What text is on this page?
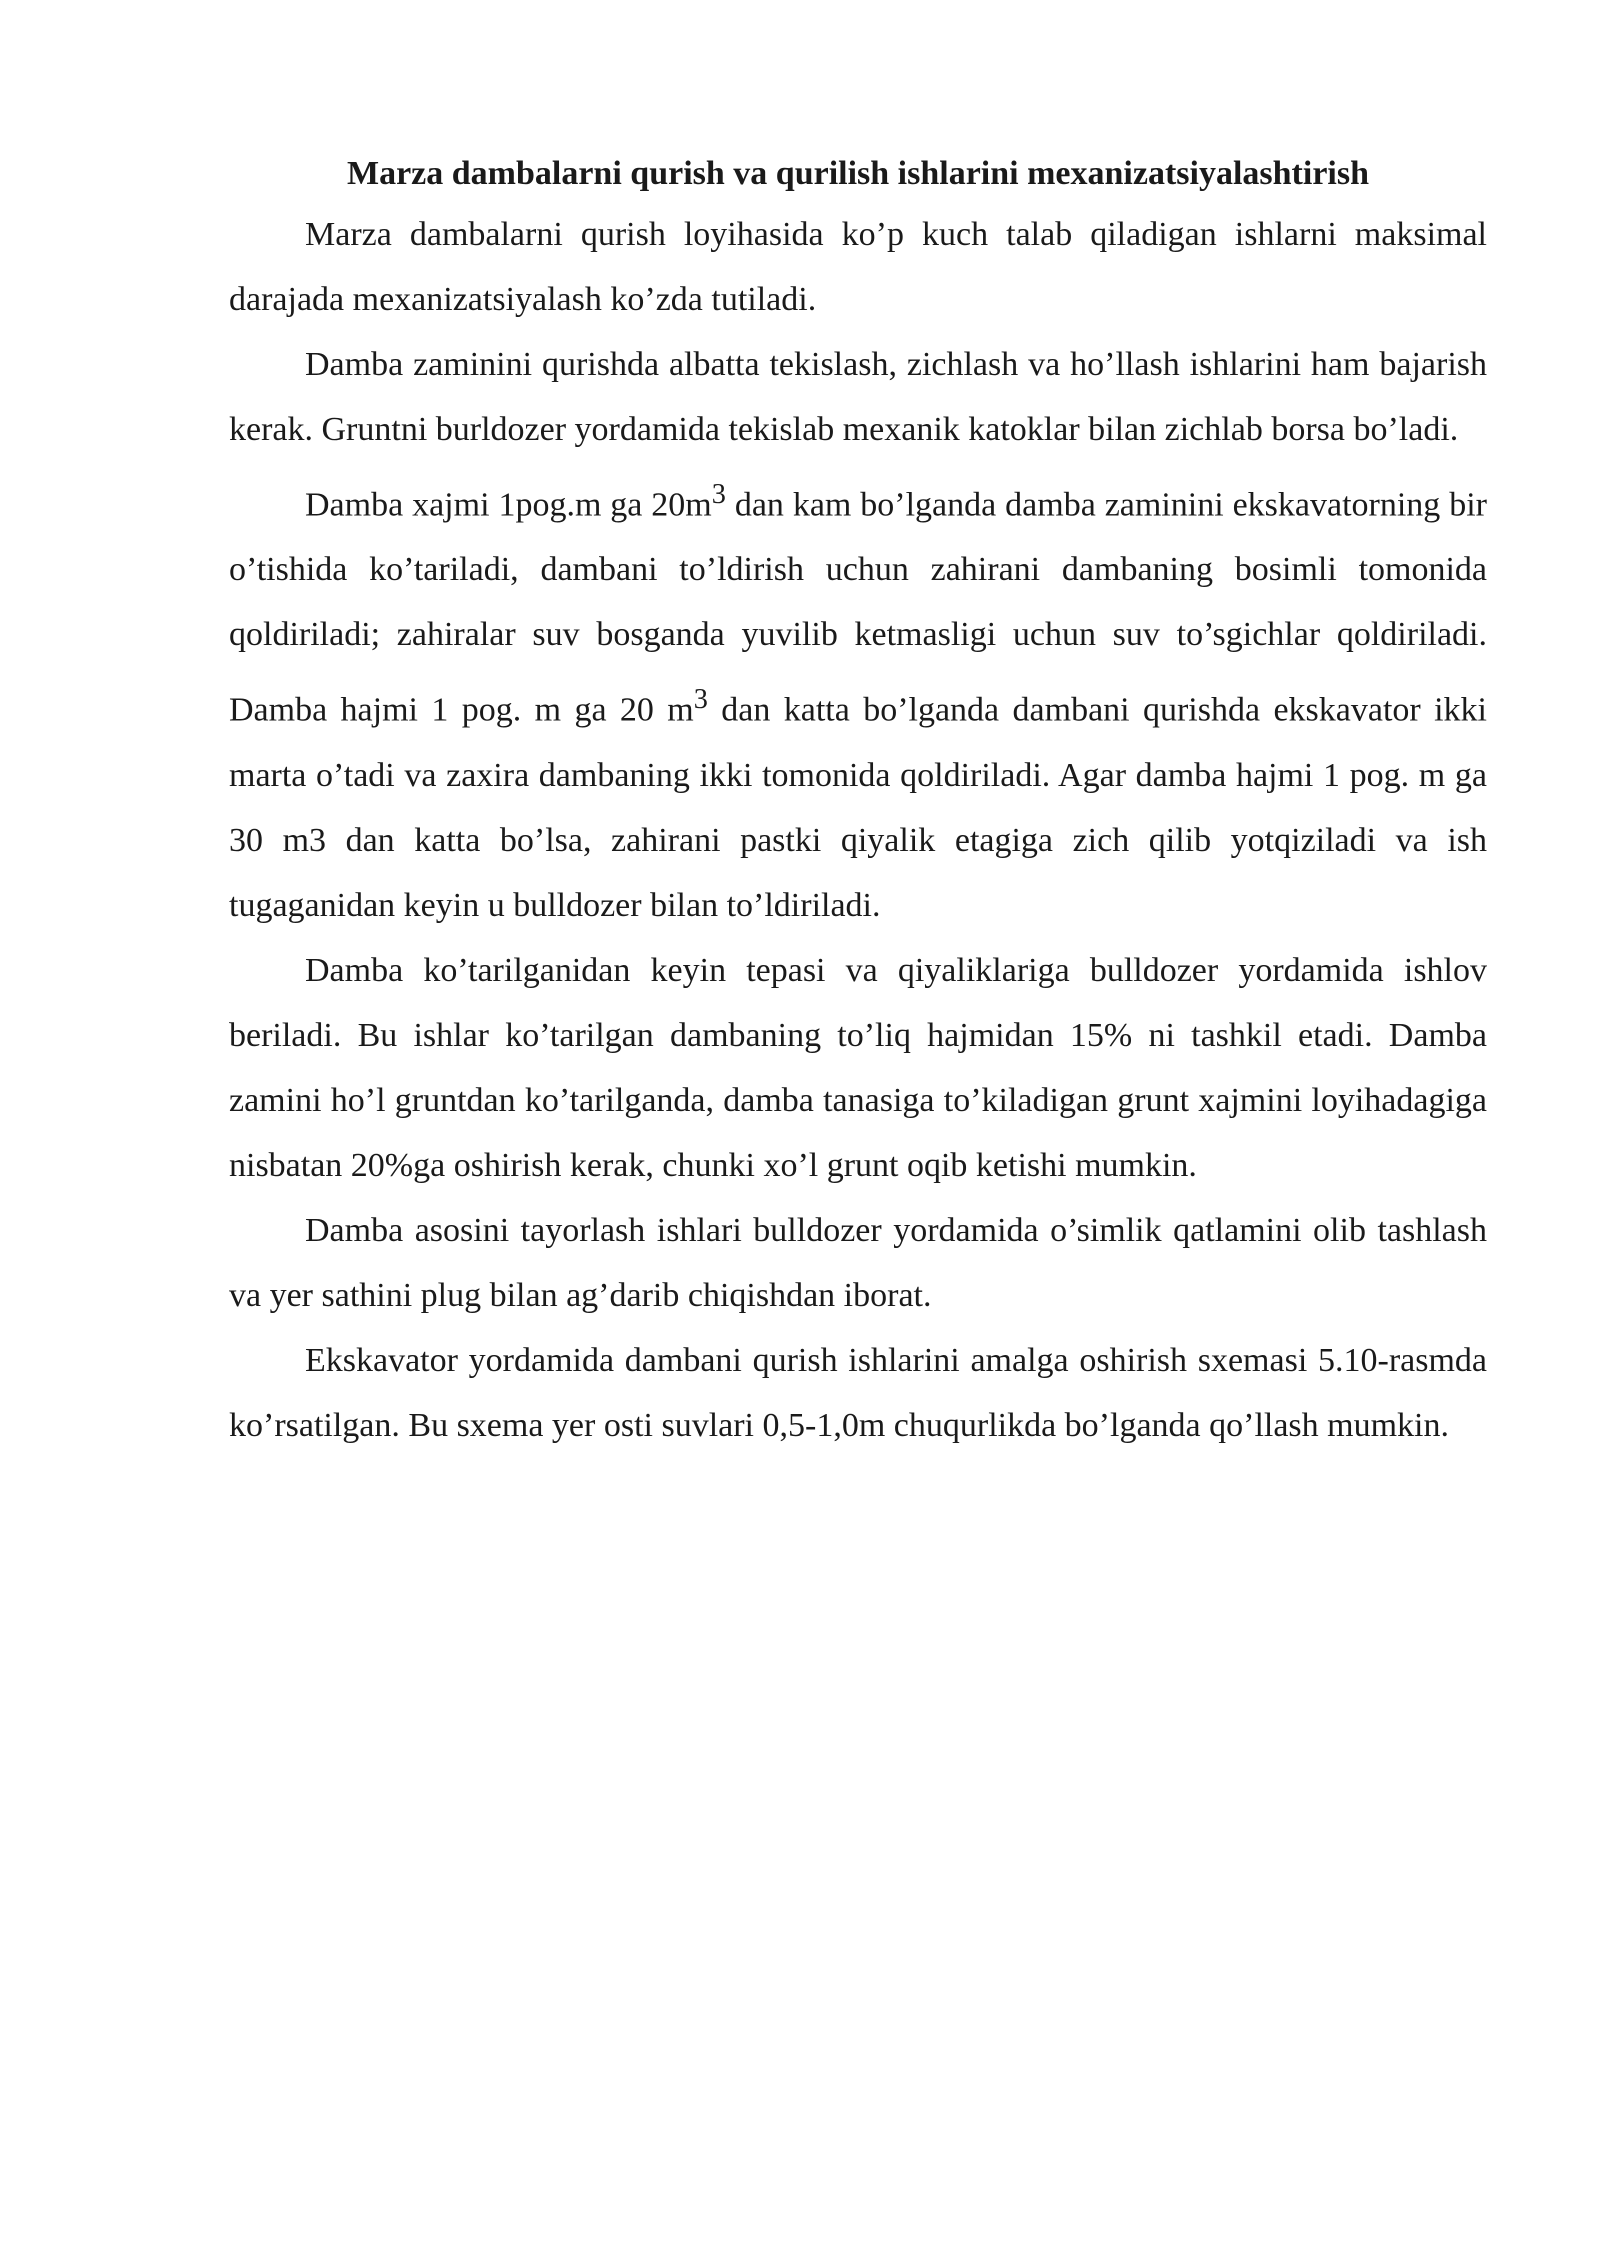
Marza dambalarni qurish va qurilish ishlarini mexanizatsiyalashtirish

Marza dambalarni qurish loyihasida ko’p kuch talab qiladigan ishlarni maksimal darajada mexanizatsiyalash ko’zda tutiladi.

Damba zaminini qurishda albatta tekislash, zichlash va ho’llash ishlarini ham bajarish kerak. Gruntni burldozer yordamida tekislab mexanik katoklar bilan zichlab borsa bo’ladi.

Damba xajmi 1pog.m ga $20m^3$ dan kam bo’lganda damba zaminini ekskavatorning bir o’tishida ko’tariladi, dambani to’ldirish uchun zahirani dambaning bosimli tomonida qoldiriladi; zahiralar suv bosganda yuvilib ketmasligi uchun suv to’sgichlar qoldiriladi. Damba hajmi 1 pog. m ga 20 $m^3$ dan katta bo’lganda dambani qurishda ekskavator ikki marta o’tadi va zaxira dambaning ikki tomonida qoldiriladi. Agar damba hajmi 1 pog. m ga 30 m3 dan katta bo’lsa, zahirani pastki qiyalik etagiga zich qilib yotqiziladi va ish tugaganidan keyin u bulldozer bilan to’ldiriladi.

Damba ko’tarilganidan keyin tepasi va qiyaliklariga bulldozer yordamida ishlov beriladi. Bu ishlar ko’tarilgan dambaning to’liq hajmidan 15% ni tashkil etadi. Damba zamini ho’l gruntdan ko’tarilganda, damba tanasiga to’kiladigan grunt xajmini loyihadagiga nisbatan 20%ga oshirish kerak, chunki xo’l grunt oqib ketishi mumkin.

Damba asosini tayorlash ishlari bulldozer yordamida o’simlik qatlamini olib tashlash va yer sathini plug bilan ag’darib chiqishdan iborat.

Ekskavator yordamida dambani qurish ishlarini amalga oshirish sxemasi 5.10-rasmda ko’rsatilgan. Bu sxema yer osti suvlari 0,5-1,0m chuqurlikda bo’lganda qo’llash mumkin.
